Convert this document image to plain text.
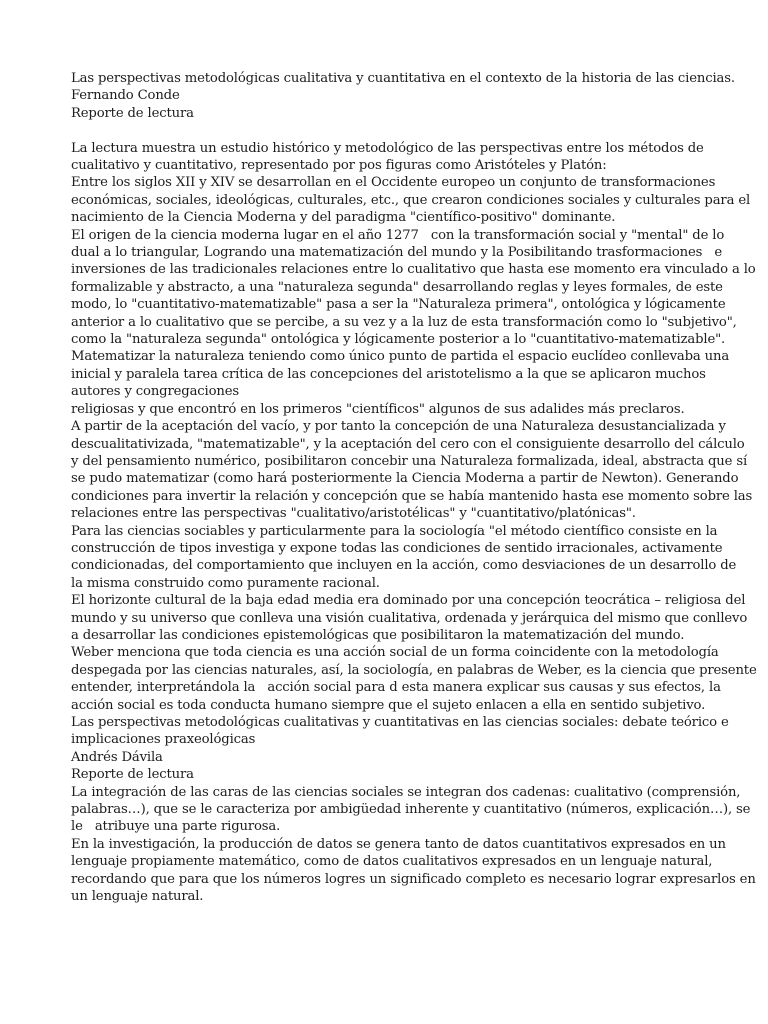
Las perspectivas metodológicas cualitativa y cuantitativa en el contexto de la historia de las ciencias.
Fernando Conde
Reporte de lectura
La lectura muestra un estudio histórico y metodológico de las perspectivas entre los métodos de
cualitativo y cuantitativo, representado por pos figuras como Aristóteles y Platón:
Entre los siglos XII y XIV se desarrollan en el Occidente europeo un conjunto de transformaciones
económicas, sociales, ideológicas, culturales, etc., que crearon condiciones sociales y culturales para el
nacimiento de la Ciencia Moderna y del paradigma "científico-positivo" dominante.
El origen de la ciencia moderna lugar en el año 1277   con la transformación social y "mental" de lo
dual a lo triangular, Logrando una matematización del mundo y la Posibilitando trasformaciones   e
inversiones de las tradicionales relaciones entre lo cualitativo que hasta ese momento era vinculado a lo
formalizable y abstracto, a una "naturaleza segunda" desarrollando reglas y leyes formales, de este
modo, lo "cuantitativo-matematizable" pasa a ser la "Naturaleza primera", ontológica y lógicamente
anterior a lo cualitativo que se percibe, a su vez y a la luz de esta transformación como lo "subjetivo",
como la "naturaleza segunda" ontológica y lógicamente posterior a lo "cuantitativo-matematizable".
Matematizar la naturaleza teniendo como único punto de partida el espacio euclídeo conllevaba una
inicial y paralela tarea crítica de las concepciones del aristotelismo a la que se aplicaron muchos
autores y congregaciones
religiosas y que encontró en los primeros "científicos" algunos de sus adalides más preclaros.
A partir de la aceptación del vacío, y por tanto la concepción de una Naturaleza desustancializada y
descualitativizada, "matematizable", y la aceptación del cero con el consiguiente desarrollo del cálculo
y del pensamiento numérico, posibilitaron concebir una Naturaleza formalizada, ideal, abstracta que sí
se pudo matematizar (como hará posteriormente la Ciencia Moderna a partir de Newton). Generando
condiciones para invertir la relación y concepción que se había mantenido hasta ese momento sobre las
relaciones entre las perspectivas "cualitativo/aristotélicas" y "cuantitativo/platónicas".
Para las ciencias sociables y particularmente para la sociología "el método científico consiste en la
construcción de tipos investiga y expone todas las condiciones de sentido irracionales, activamente
condicionadas, del comportamiento que incluyen en la acción, como desviaciones de un desarrollo de
la misma construido como puramente racional.
El horizonte cultural de la baja edad media era dominado por una concepción teocrática – religiosa del
mundo y su universo que conlleva una visión cualitativa, ordenada y jerárquica del mismo que conllevo
a desarrollar las condiciones epistemológicas que posibilitaron la matematización del mundo.
Weber menciona que toda ciencia es una acción social de un forma coincidente con la metodología
despegada por las ciencias naturales, así, la sociología, en palabras de Weber, es la ciencia que presente
entender, interpretándola la   acción social para d esta manera explicar sus causas y sus efectos, la
acción social es toda conducta humano siempre que el sujeto enlacen a ella en sentido subjetivo.
Las perspectivas metodológicas cualitativas y cuantitativas en las ciencias sociales: debate teórico e
implicaciones praxeológicas
Andrés Dávila
Reporte de lectura
La integración de las caras de las ciencias sociales se integran dos cadenas: cualitativo (comprensión,
palabras…), que se le caracteriza por ambigüedad inherente y cuantitativo (números, explicación…), se
le   atribuye una parte rigurosa.
En la investigación, la producción de datos se genera tanto de datos cuantitativos expresados en un
lenguaje propiamente matemático, como de datos cualitativos expresados en un lenguaje natural,
recordando que para que los números logres un significado completo es necesario lograr expresarlos en
un lenguaje natural.
